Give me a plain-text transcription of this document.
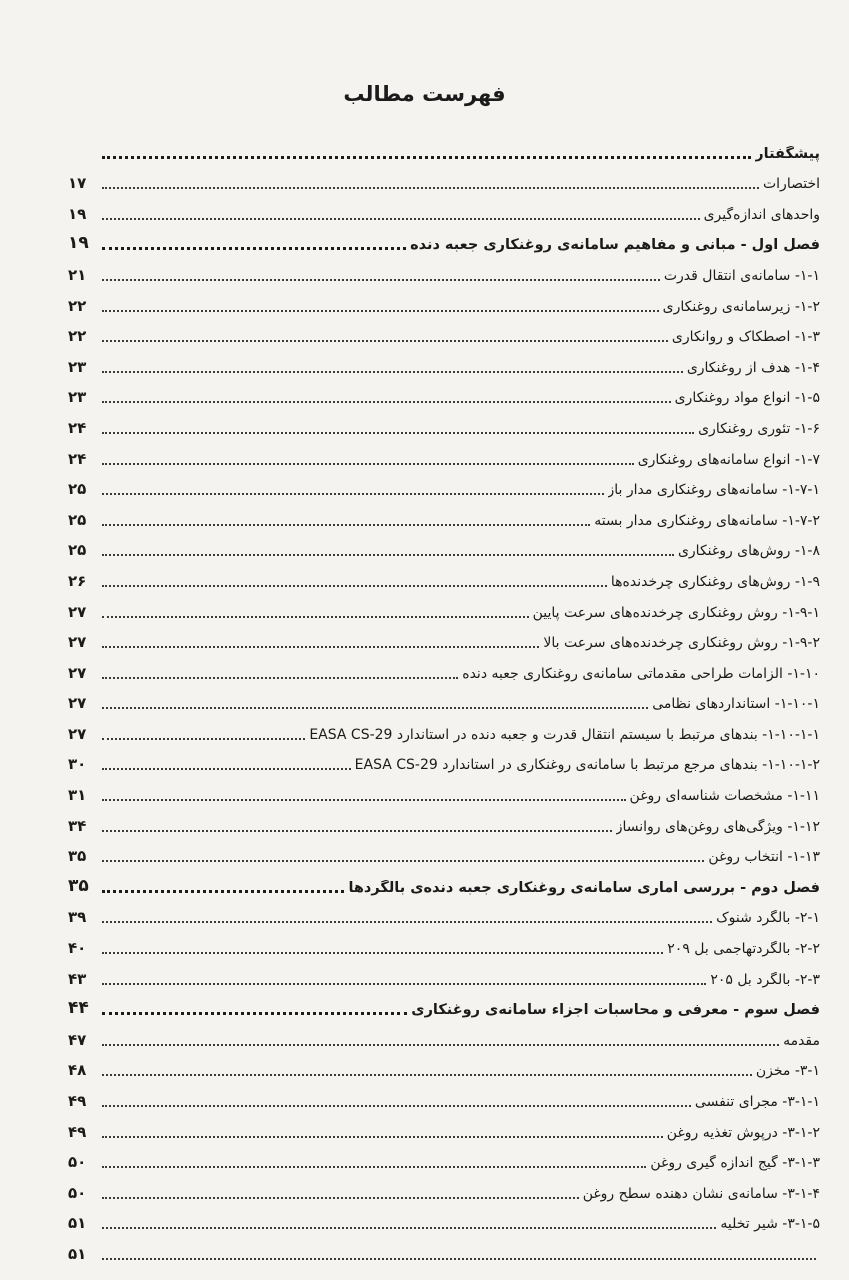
فهرست مطالب
پیشگفتار
اختصارات
۱۷
واحدهای اندازه‌گیری
۱۹
فصل اول - مبانی و مفاهیم سامانه‌ی روغنکاری جعبه دنده
۱۹
۱-۱- سامانه‌ی انتقال قدرت
۲۱
۱-۲- زیرسامانه‌ی روغنکاری
۲۲
۱-۳- اصطکاک و روانکاری
۲۲
۱-۴- هدف از روغنکاری
۲۳
۱-۵- انواع مواد روغنکاری
۲۳
۱-۶- تئوری روغنکاری
۲۴
۱-۷- انواع سامانه‌های روغنکاری
۲۴
۱-۷-۱- سامانه‌های روغنکاری مدار باز
۲۵
۱-۷-۲- سامانه‌های روغنکاری مدار بسته
۲۵
۱-۸- روش‌های روغنکاری
۲۵
۱-۹- روش‌های روغنکاری چرخدنده‌ها
۲۶
۱-۹-۱- روش روغنکاری چرخدنده‌های سرعت پایین
۲۷
۱-۹-۲- روش روغنکاری چرخدنده‌های سرعت بالا
۲۷
۱-۱۰- الزامات طراحی مقدماتی سامانه‌ی روغنکاری جعبه دنده
۲۷
۱-۱۰-۱- استانداردهای نظامی
۲۷
۱-۱۰-۱-۱- بندهای مرتبط با سیستم انتقال قدرت و جعبه دنده در استاندارد EASA CS-29
۲۷
۱-۱۰-۱-۲- بندهای مرجع مرتبط با سامانه‌ی روغنکاری در استاندارد EASA CS-29
۳۰
۱-۱۱- مشخصات شناسه‌ای روغن
۳۱
۱-۱۲- ویژگی‌های روغن‌های روانساز
۳۴
۱-۱۳- انتخاب روغن
۳۵
فصل دوم - بررسی آماری سامانه‌ی روغنکاری جعبه دنده‌ی بالگردها
۳۵
۲-۱- بالگرد شنوک
۳۹
۲-۲- بالگردتهاجمی بل ۲۰۹
۴۰
۲-۳- بالگرد بل ۲۰۵
۴۳
فصل سوم - معرفی و محاسبات اجزاء سامانه‌ی روغنکاری
۴۴
مقدمه
۴۷
۳-۱- مخزن
۴۸
۳-۱-۱- مجرای تنفسی
۴۹
۳-۱-۲- درپوش تغذیه روغن
۴۹
۳-۱-۳- گیج اندازه گیری روغن
۵۰
۳-۱-۴- سامانه‌ی نشان دهنده سطح روغن
۵۰
۳-۱-۵- شیر تخلیه
۵۱
۵۱
